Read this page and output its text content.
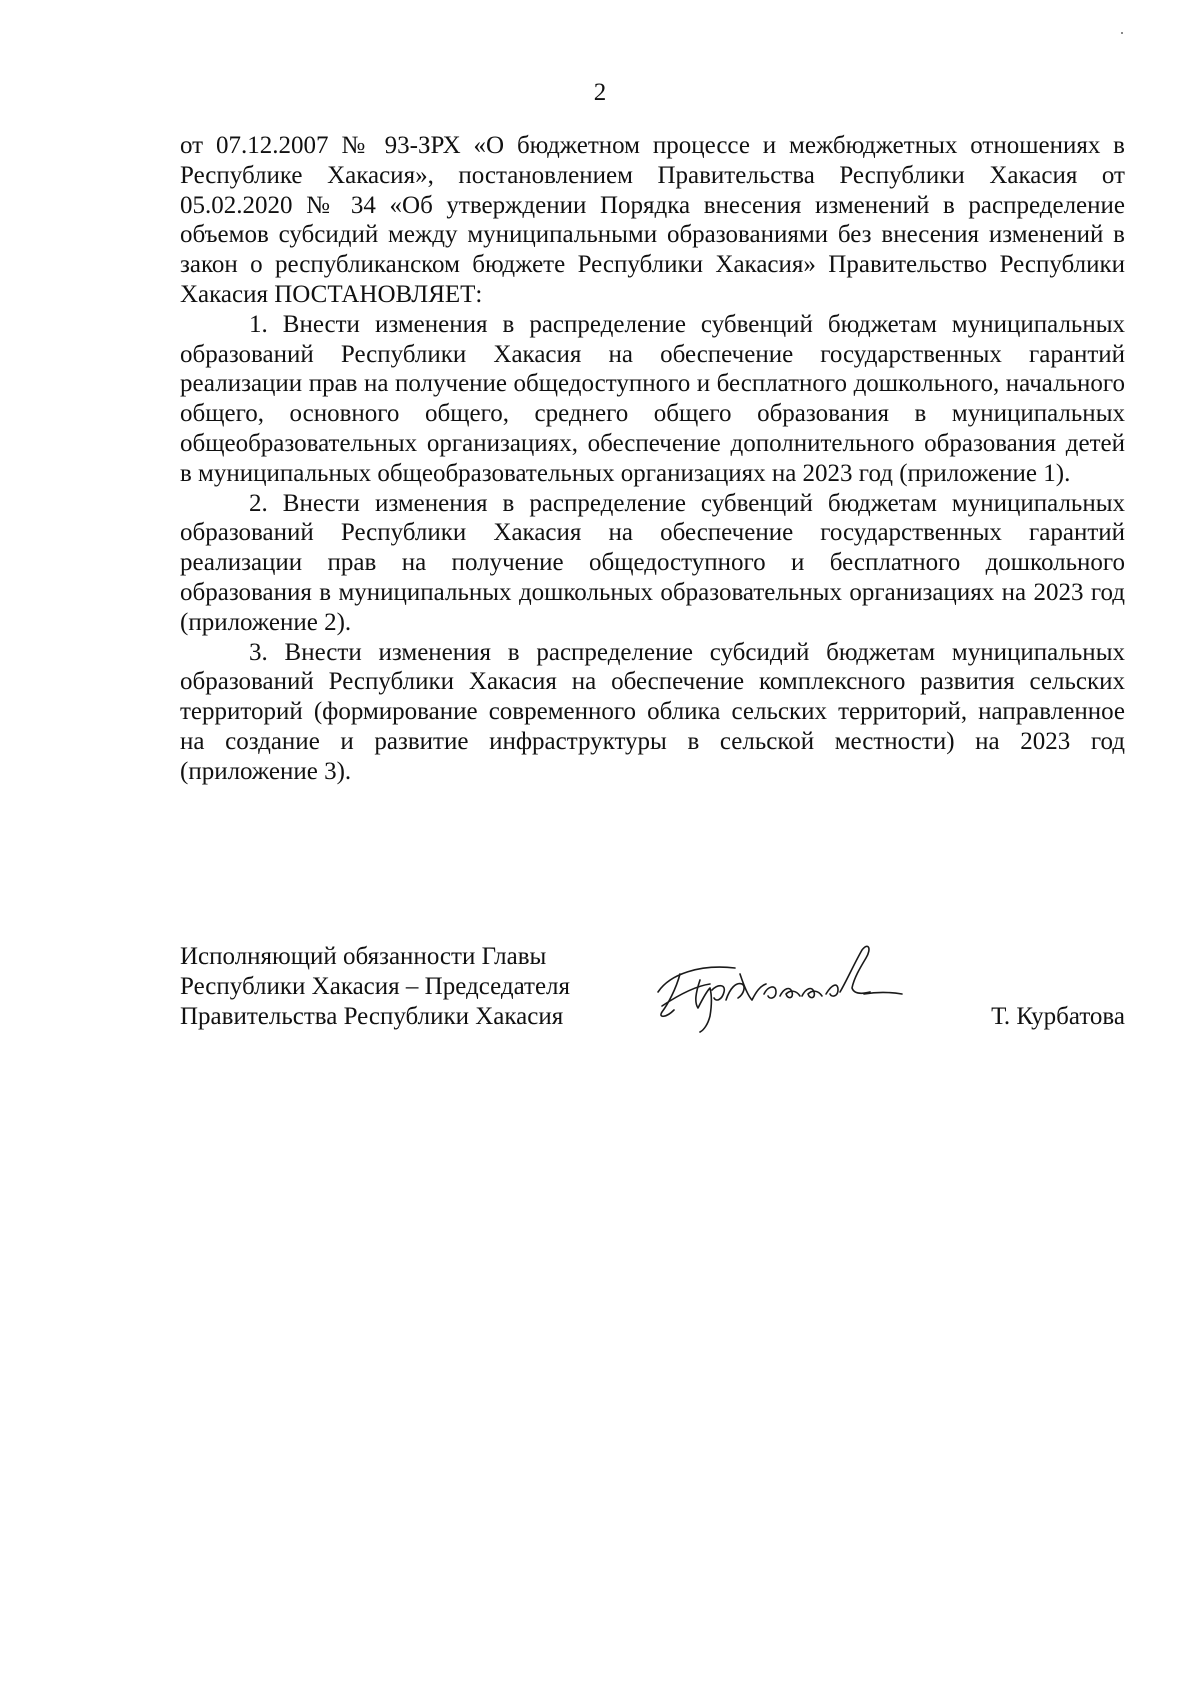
2

от 07.12.2007 № 93-ЗРХ «О бюджетном процессе и межбюджетных отношениях в Республике Хакасия», постановлением Правительства Республики Хакасия от 05.02.2020 № 34 «Об утверждении Порядка внесения изменений в распределение объемов субсидий между муниципальными образованиями без внесения изменений в закон о республиканском бюджете Республики Хакасия» Правительство Республики Хакасия ПОСТАНОВЛЯЕТ:

1. Внести изменения в распределение субвенций бюджетам муниципальных образований Республики Хакасия на обеспечение государственных гарантий реализации прав на получение общедоступного и бесплатного дошкольного, начального общего, основного общего, среднего общего образования в муниципальных общеобразовательных организациях, обеспечение дополнительного образования детей в муниципальных общеобразовательных организациях на 2023 год (приложение 1).

2. Внести изменения в распределение субвенций бюджетам муниципальных образований Республики Хакасия на обеспечение государственных гарантий реализации прав на получение общедоступного и бесплатного дошкольного образования в муниципальных дошкольных образовательных организациях на 2023 год (приложение 2).

3. Внести изменения в распределение субсидий бюджетам муниципальных образований Республики Хакасия на обеспечение комплексного развития сельских территорий (формирование современного облика сельских территорий, направленное на создание и развитие инфраструктуры в сельской местности) на 2023 год (приложение 3).

Исполняющий обязанности Главы
Республики Хакасия – Председателя
Правительства Республики Хакасия	Т. Курбатова
